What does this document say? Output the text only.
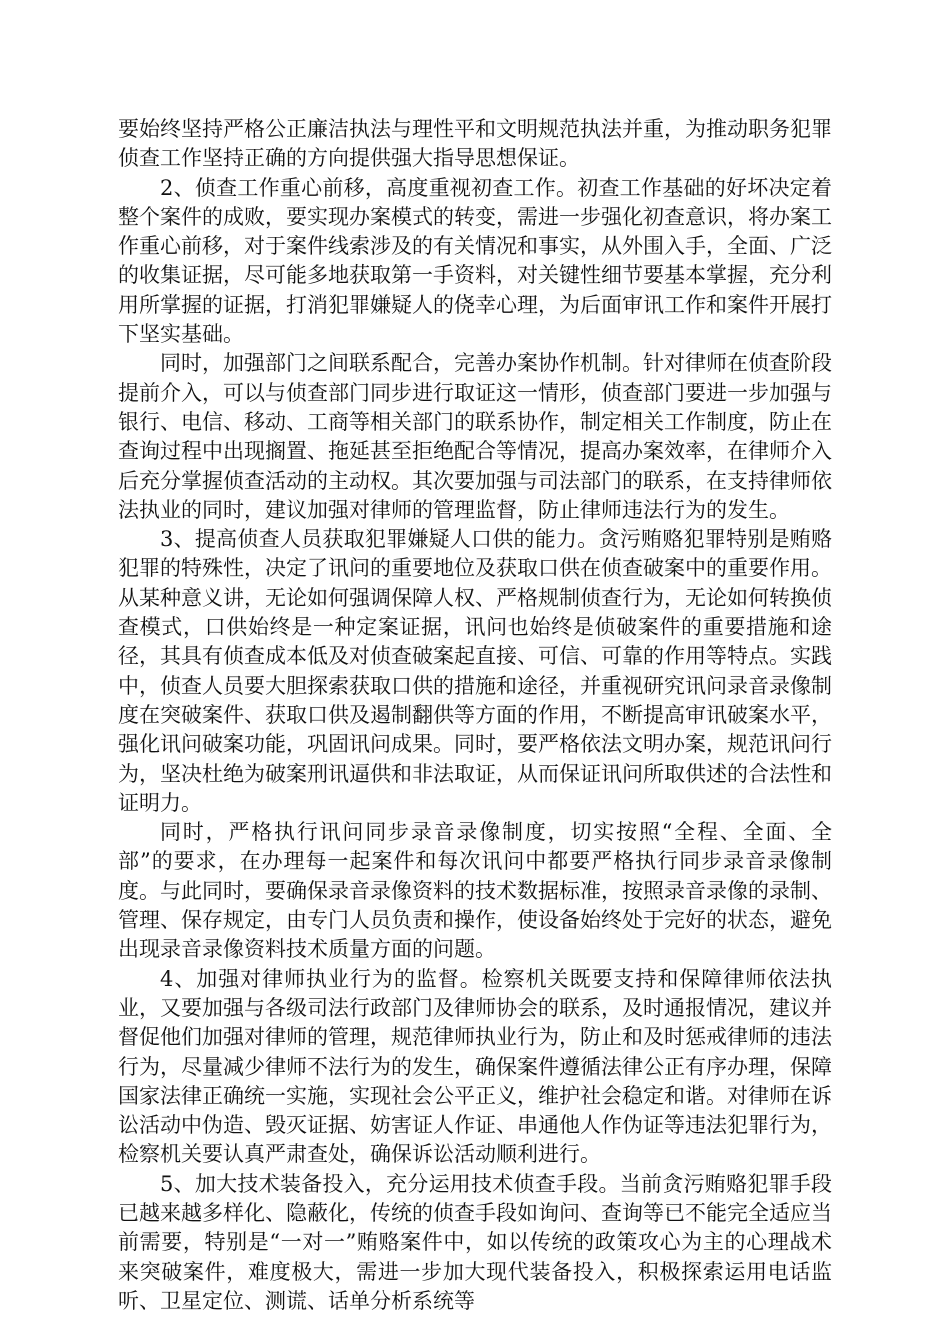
要始终坚持严格公正廉洁执法与理性平和文明规范执法并重，为推动职务犯罪侦查工作坚持正确的方向提供强大指导思想保证。

2、侦查工作重心前移，高度重视初查工作。初查工作基础的好坏决定着整个案件的成败，要实现办案模式的转变，需进一步强化初查意识，将办案工作重心前移，对于案件线索涉及的有关情况和事实，从外围入手，全面、广泛的收集证据，尽可能多地获取第一手资料，对关键性细节要基本掌握，充分利用所掌握的证据，打消犯罪嫌疑人的侥幸心理，为后面审讯工作和案件开展打下坚实基础。

同时，加强部门之间联系配合，完善办案协作机制。针对律师在侦查阶段提前介入，可以与侦查部门同步进行取证这一情形，侦查部门要进一步加强与银行、电信、移动、工商等相关部门的联系协作，制定相关工作制度，防止在查询过程中出现搁置、拖延甚至拒绝配合等情况，提高办案效率，在律师介入后充分掌握侦查活动的主动权。其次要加强与司法部门的联系，在支持律师依法执业的同时，建议加强对律师的管理监督，防止律师违法行为的发生。

3、提高侦查人员获取犯罪嫌疑人口供的能力。贪污贿赂犯罪特别是贿赂犯罪的特殊性，决定了讯问的重要地位及获取口供在侦查破案中的重要作用。从某种意义讲，无论如何强调保障人权、严格规制侦查行为，无论如何转换侦查模式，口供始终是一种定案证据，讯问也始终是侦破案件的重要措施和途径，其具有侦查成本低及对侦查破案起直接、可信、可靠的作用等特点。实践中，侦查人员要大胆探索获取口供的措施和途径，并重视研究讯问录音录像制度在突破案件、获取口供及遏制翻供等方面的作用，不断提高审讯破案水平，强化讯问破案功能，巩固讯问成果。同时，要严格依法文明办案，规范讯问行为，坚决杜绝为破案刑讯逼供和非法取证，从而保证讯问所取供述的合法性和证明力。

同时，严格执行讯问同步录音录像制度，切实按照“全程、全面、全部”的要求，在办理每一起案件和每次讯问中都要严格执行同步录音录像制度。与此同时，要确保录音录像资料的技术数据标准，按照录音录像的录制、管理、保存规定，由专门人员负责和操作，使设备始终处于完好的状态，避免出现录音录像资料技术质量方面的问题。

4、加强对律师执业行为的监督。检察机关既要支持和保障律师依法执业，又要加强与各级司法行政部门及律师协会的联系，及时通报情况，建议并督促他们加强对律师的管理，规范律师执业行为，防止和及时惩戒律师的违法行为，尽量减少律师不法行为的发生，确保案件遵循法律公正有序办理，保障国家法律正确统一实施，实现社会公平正义，维护社会稳定和谐。对律师在诉讼活动中伪造、毁灭证据、妨害证人作证、串通他人作伪证等违法犯罪行为，检察机关要认真严肃查处，确保诉讼活动顺利进行。

5、加大技术装备投入，充分运用技术侦查手段。当前贪污贿赂犯罪手段已越来越多样化、隐蔽化，传统的侦查手段如询问、查询等已不能完全适应当前需要，特别是“一对一”贿赂案件中，如以传统的政策攻心为主的心理战术来突破案件，难度极大，需进一步加大现代装备投入，积极探索运用电话监听、卫星定位、测谎、话单分析系统等
